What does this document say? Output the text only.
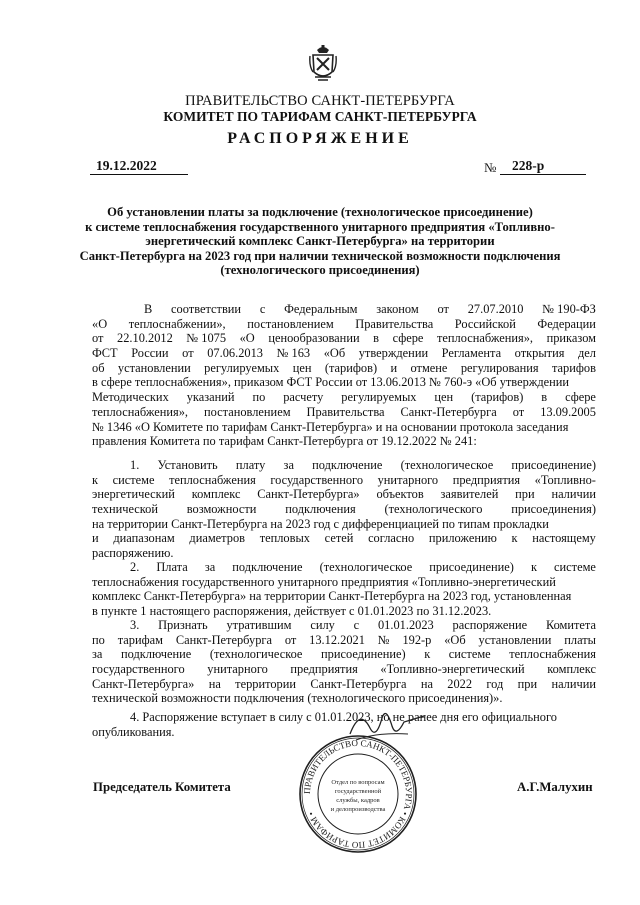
ПРАВИТЕЛЬСТВО САНКТ-ПЕТЕРБУРГА
КОМИТЕТ ПО ТАРИФАМ САНКТ-ПЕТЕРБУРГА
РАСПОРЯЖЕНИЕ
19.12.2022	№	228-р
Об установлении платы за подключение (технологическое присоединение)
к системе теплоснабжения государственного унитарного предприятия «Топливно-
энергетический комплекс Санкт-Петербурга» на территории
Санкт-Петербурга на 2023 год при наличии технической возможности подключения
(технологического присоединения)
В соответствии с Федеральным законом от 27.07.2010 № 190-ФЗ
«О теплоснабжении», постановлением Правительства Российской Федерации
от 22.10.2012 № 1075 «О ценообразовании в сфере теплоснабжения», приказом
ФСТ России от 07.06.2013 № 163 «Об утверждении Регламента открытия дел
об установлении регулируемых цен (тарифов) и отмене регулирования тарифов
в сфере теплоснабжения», приказом ФСТ России от 13.06.2013 № 760-э «Об утверждении
Методических указаний по расчету регулируемых цен (тарифов) в сфере
теплоснабжения», постановлением Правительства Санкт-Петербурга от 13.09.2005
№ 1346 «О Комитете по тарифам Санкт-Петербурга» и на основании протокола заседания
правления Комитета по тарифам Санкт-Петербурга от 19.12.2022 № 241:
1. Установить плату за подключение (технологическое присоединение)
к системе теплоснабжения государственного унитарного предприятия «Топливно-
энергетический комплекс Санкт-Петербурга» объектов заявителей при наличии
технической возможности подключения (технологического присоединения)
на территории Санкт-Петербурга на 2023 год с дифференциацией по типам прокладки
и диапазонам диаметров тепловых сетей согласно приложению к настоящему
распоряжению.
2. Плата за подключение (технологическое присоединение) к системе
теплоснабжения государственного унитарного предприятия «Топливно-энергетический
комплекс Санкт-Петербурга» на территории Санкт-Петербурга на 2023 год, установленная
в пункте 1 настоящего распоряжения, действует с 01.01.2023 по 31.12.2023.
3. Признать утратившим силу с 01.01.2023 распоряжение Комитета
по тарифам Санкт-Петербурга от 13.12.2021 № 192-р «Об установлении платы
за подключение (технологическое присоединение) к системе теплоснабжения
государственного унитарного предприятия «Топливно-энергетический комплекс
Санкт-Петербурга» на территории Санкт-Петербурга на 2022 год при наличии
технической возможности подключения (технологического присоединения)».
4. Распоряжение вступает в силу с 01.01.2023, но не ранее дня его официального
опубликования.
Председатель Комитета	А.Г.Малухин
ПРАВИТЕЛЬСТВО САНКТ-ПЕТЕРБУРГА • КОМИТЕТ ПО ТАРИФАМ •
Отдел по вопросам
государственной
службы, кадров
и делопроизводства
